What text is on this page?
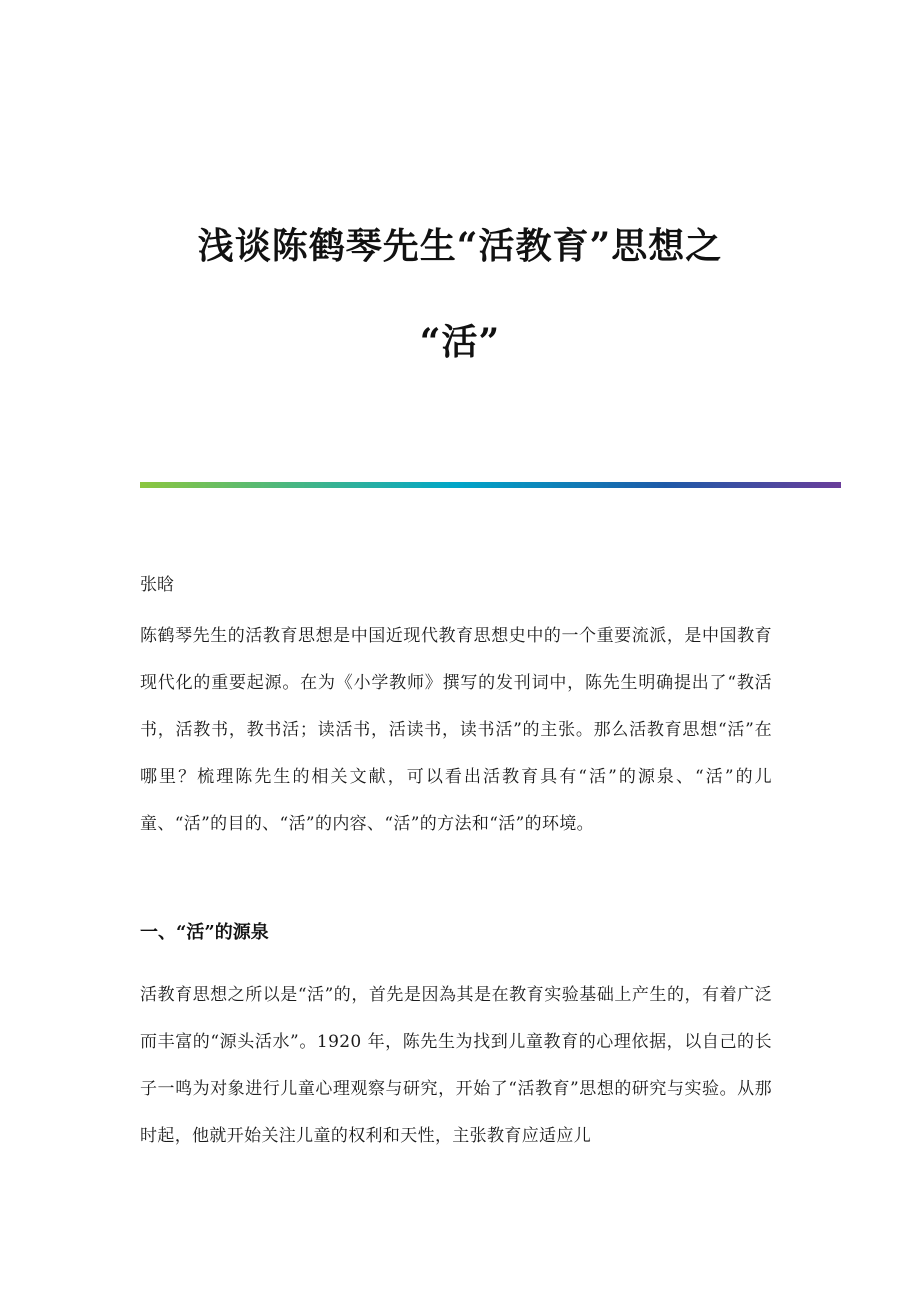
浅谈陈鹤琴先生“活教育”思想之
“活”
张晗

陈鹤琴先生的活教育思想是中国近现代教育思想史中的一个重要流派，是中国教育现代化的重要起源。在为《小学教师》撰写的发刊词中，陈先生明确提出了“教活书，活教书，教书活；读活书，活读书，读书活”的主张。那么活教育思想“活”在哪里？梳理陈先生的相关文献，可以看出活教育具有“活”的源泉、“活”的儿童、“活”的目的、“活”的内容、“活”的方法和“活”的环境。

一、“活”的源泉

活教育思想之所以是“活”的，首先是因為其是在教育实验基础上产生的，有着广泛而丰富的“源头活水”。1920 年，陈先生为找到儿童教育的心理依据，以自己的长子一鸣为对象进行儿童心理观察与研究，开始了“活教育”思想的研究与实验。从那时起，他就开始关注儿童的权利和天性，主张教育应适应儿
